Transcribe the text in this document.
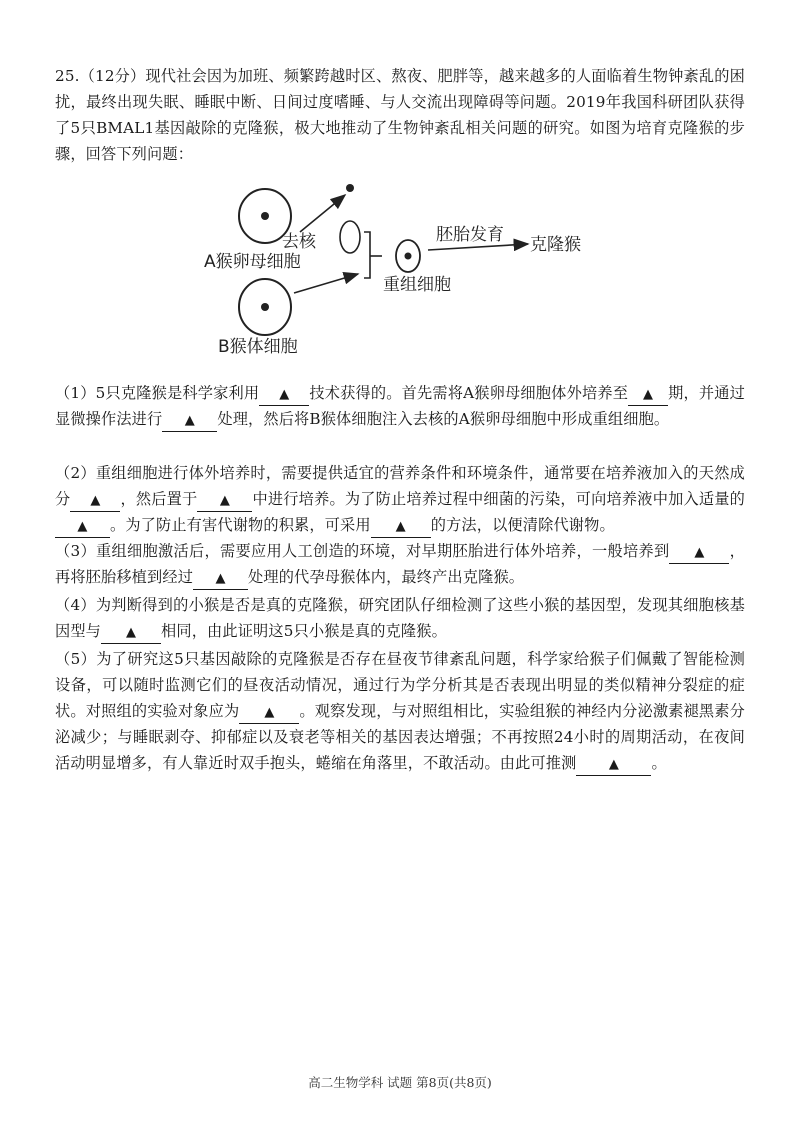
25.（12分）现代社会因为加班、频繁跨越时区、熬夜、肥胖等，越来越多的人面临着生物钟紊乱的困扰，最终出现失眠、睡眠中断、日间过度嗜睡、与人交流出现障碍等问题。2019年我国科研团队获得了5只BMAL1基因敲除的克隆猴，极大地推动了生物钟紊乱相关问题的研究。如图为培育克隆猴的步骤，回答下列问题：
去核
A猴卵母细胞
B猴体细胞
重组细胞
胚胎发育 克隆猴
（1）5只克隆猴是科学家利用 ▲ 技术获得的。首先需将A猴卵母细胞体外培养至 ▲ 期，并通过显微操作法进行 ▲ 处理，然后将B猴体细胞注入去核的A猴卵母细胞中形成重组细胞。
（2）重组细胞进行体外培养时，需要提供适宜的营养条件和环境条件，通常要在培养液加入的天然成分 ▲ ，然后置于 ▲ 中进行培养。为了防止培养过程中细菌的污染，可向培养液中加入适量的▲ 。为了防止有害代谢物的积累，可采用 ▲ 的方法，以便清除代谢物。
（3）重组细胞激活后，需要应用人工创造的环境，对早期胚胎进行体外培养，一般培养到 ▲ ，再将胚胎移植到经过 ▲ 处理的代孕母猴体内，最终产出克隆猴。
（4）为判断得到的小猴是否是真的克隆猴，研究团队仔细检测了这些小猴的基因型，发现其细胞核基因型与 ▲ 相同，由此证明这5只小猴是真的克隆猴。
（5）为了研究这5只基因敲除的克隆猴是否存在昼夜节律紊乱问题，科学家给猴子们佩戴了智能检测设备，可以随时监测它们的昼夜活动情况，通过行为学分析其是否表现出明显的类似精神分裂症的症状。对照组的实验对象应为 ▲ 。观察发现，与对照组相比，实验组猴的神经内分泌激素褪黑素分泌减少；与睡眠剥夺、抑郁症以及衰老等相关的基因表达增强；不再按照24小时的周期活动，在夜间活动明显增多，有人靠近时双手抱头，蜷缩在角落里，不敢活动。由此可推测 ▲ 。
高二生物学科 试题 第8页(共8页)
